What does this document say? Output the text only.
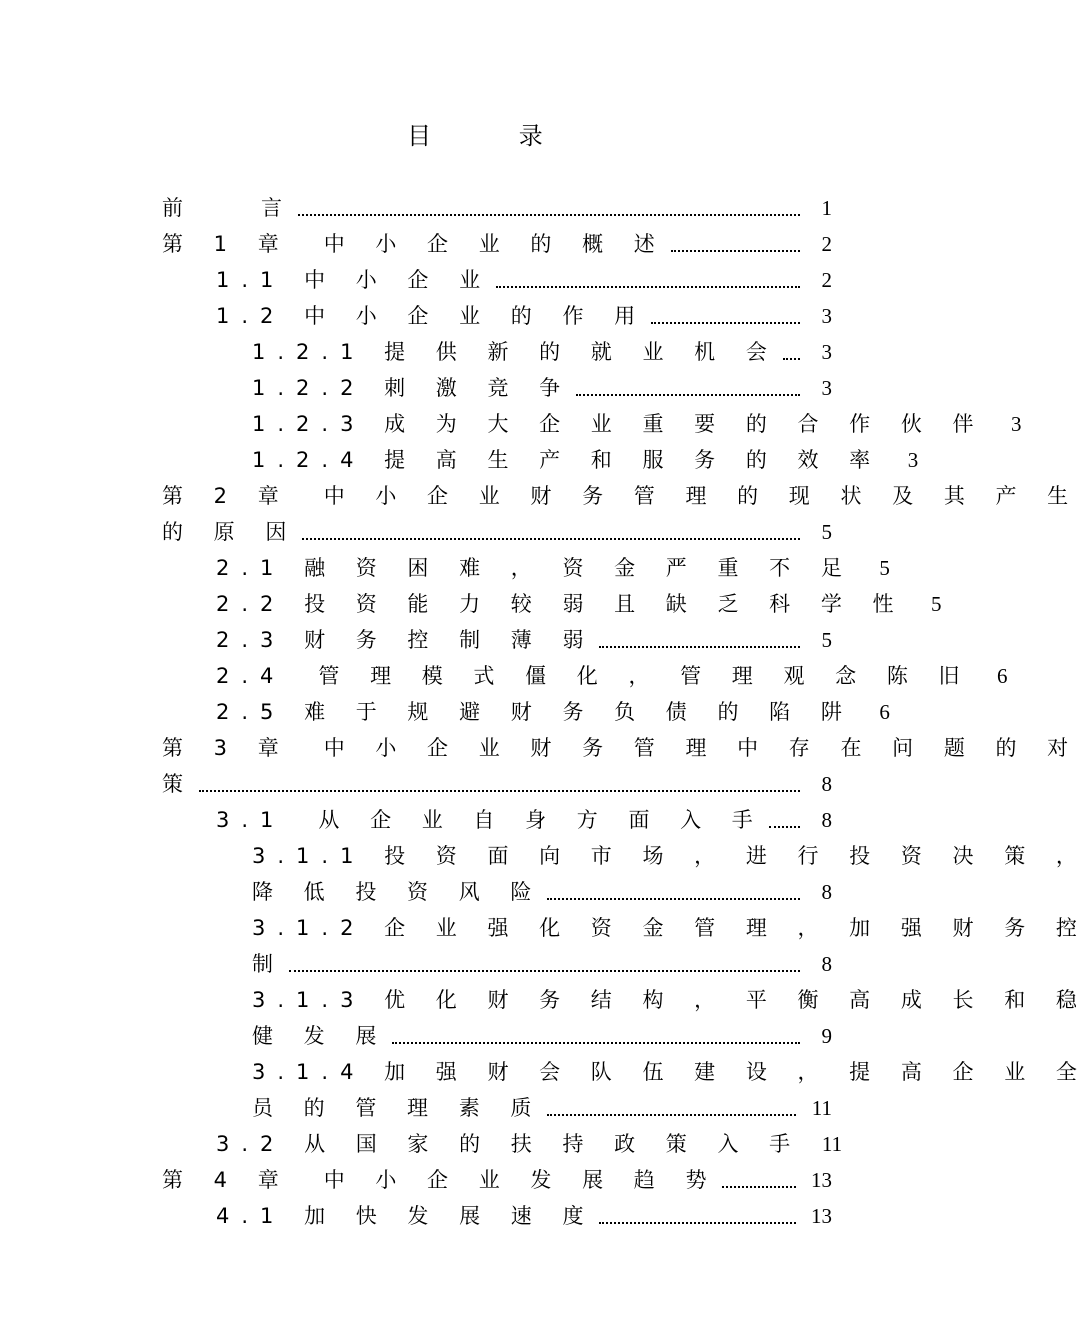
目 录
前　　言	1
第 1 章　中 小 企 业 的 概 述	2
1.1 中 小 企 业	2
1.2 中 小 企 业 的 作 用	3
1.2.1 提 供 新 的 就 业 机 会	3
1.2.2 刺 激 竞 争	3
1.2.3 成 为 大 企 业 重 要 的 合 作 伙 伴	3
1.2.4 提 高 生 产 和 服 务 的 效 率	3
第 2 章　中 小 企 业 财 务 管 理 的 现 状 及 其 产 生
的 原 因	5
2.1 融 资 困 难 ， 资 金 严 重 不 足	5
2.2 投 资 能 力 较 弱 且 缺 乏 科 学 性	5
2.3 财 务 控 制 薄 弱	5
2.4　管 理 模 式 僵 化 ， 管 理 观 念 陈 旧	6
2.5 难 于 规 避 财 务 负 债 的 陷 阱	6
第 3 章　中 小 企 业 财 务 管 理 中 存 在 问 题 的 对
策	8
3.1　从 企 业 自 身 方 面 入 手	8
3.1.1 投 资 面 向 市 场 ， 进 行 投 资 决 策 ，
降 低 投 资 风 险	8
3.1.2 企 业 强 化 资 金 管 理 ， 加 强 财 务 控
制	8
3.1.3 优 化 财 务 结 构 ， 平 衡 高 成 长 和 稳
健 发 展	9
3.1.4 加 强 财 会 队 伍 建 设 ， 提 高 企 业 全
员 的 管 理 素 质	11
3.2 从 国 家 的 扶 持 政 策 入 手 11
第 4 章　中 小 企 业 发 展 趋 势	13
4.1 加 快 发 展 速 度	13
